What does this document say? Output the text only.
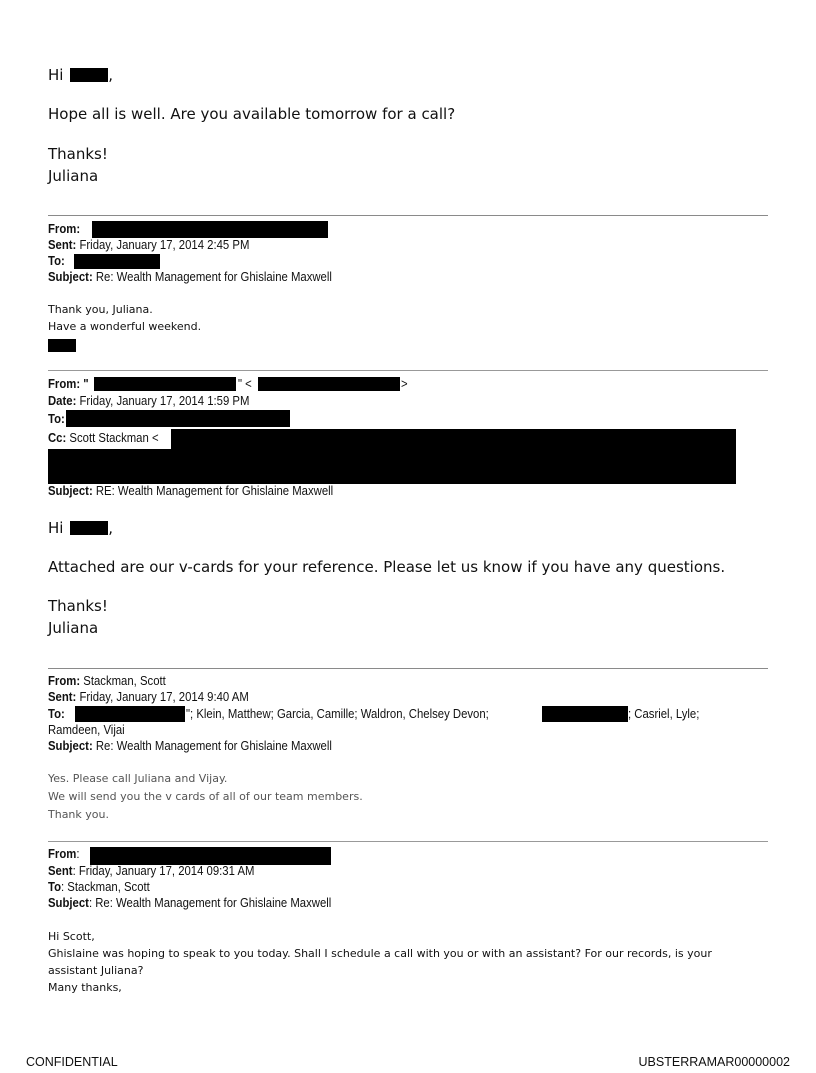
Hi	,
Hope all is well. Are you available tomorrow for a call?
Thanks!
Juliana
From:
Sent: Friday, January 17, 2014 2:45 PM
To:
Subject: Re: Wealth Management for Ghislaine Maxwell
Thank you, Juliana.
Have a wonderful weekend.
From: "	" <	>
Date: Friday, January 17, 2014 1:59 PM
To:
Cc: Scott Stackman <
Subject: RE: Wealth Management for Ghislaine Maxwell
Hi	,
Attached are our v-cards for your reference. Please let us know if you have any questions.
Thanks!
Juliana
From: Stackman, Scott
Sent: Friday, January 17, 2014 9:40 AM
To:	"; Klein, Matthew; Garcia, Camille; Waldron, Chelsey Devon;	; Casriel, Lyle;
Ramdeen, Vijai
Subject: Re: Wealth Management for Ghislaine Maxwell
Yes. Please call Juliana and Vijay.
We will send you the v cards of all of our team members.
Thank you.
From:
Sent: Friday, January 17, 2014 09:31 AM
To: Stackman, Scott
Subject: Re: Wealth Management for Ghislaine Maxwell
Hi Scott,
Ghislaine was hoping to speak to you today. Shall I schedule a call with you or with an assistant? For our records, is your
assistant Juliana?
Many thanks,
CONFIDENTIAL	UBSTERRAMAR00000002
